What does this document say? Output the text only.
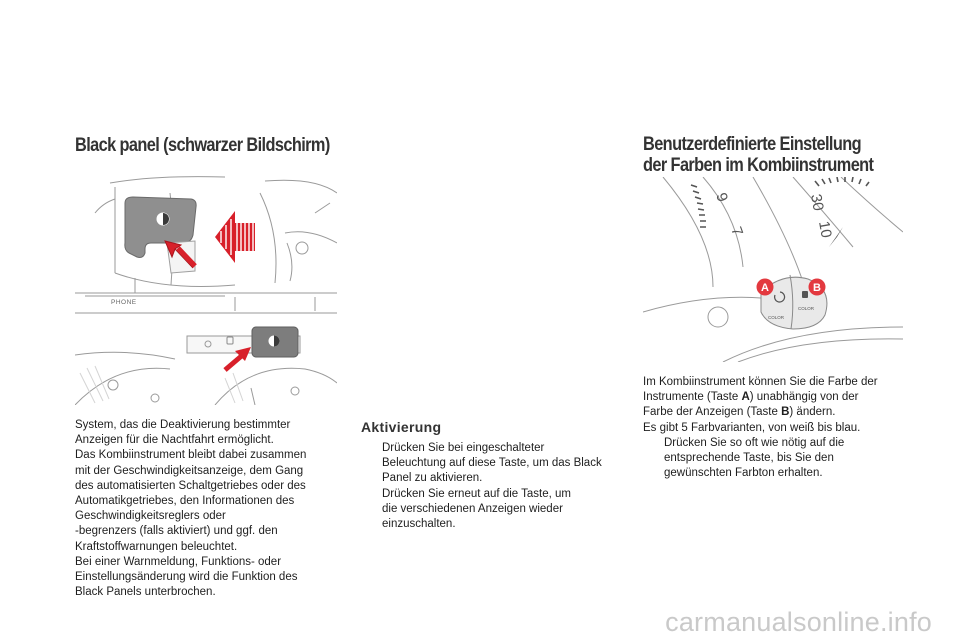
Black panel (schwarzer Bildschirm)
PHONE
System, das die Deaktivierung bestimmter
Anzeigen für die Nachtfahrt ermöglicht.
Das Kombiinstrument bleibt dabei zusammen
mit der Geschwindigkeitsanzeige, dem Gang
des automatisierten Schaltgetriebes oder des
Automatikgetriebes, den Informationen des
Geschwindigkeitsreglers oder
-begrenzers (falls aktiviert) und ggf. den
Kraftstoffwarnungen beleuchtet.
Bei einer Warnmeldung, Funktions- oder
Einstellungsänderung wird die Funktion des
Black Panels unterbrochen.
Aktivierung
Drücken Sie bei eingeschalteter
Beleuchtung auf diese Taste, um das Black
Panel zu aktivieren.
Drücken Sie erneut auf die Taste, um
die verschiedenen Anzeigen wieder
einzuschalten.
Benutzerdefinierte Einstellung
der Farben im Kombiinstrument
9
7
30
10
COLOR
COLOR
A	B
Im Kombiinstrument können Sie die Farbe der
Instrumente (Taste A) unabhängig von der
Farbe der Anzeigen (Taste B) ändern.
Es gibt 5 Farbvarianten, von weiß bis blau.
Drücken Sie so oft wie nötig auf die
entsprechende Taste, bis Sie den
gewünschten Farbton erhalten.
carmanualsonline.info
